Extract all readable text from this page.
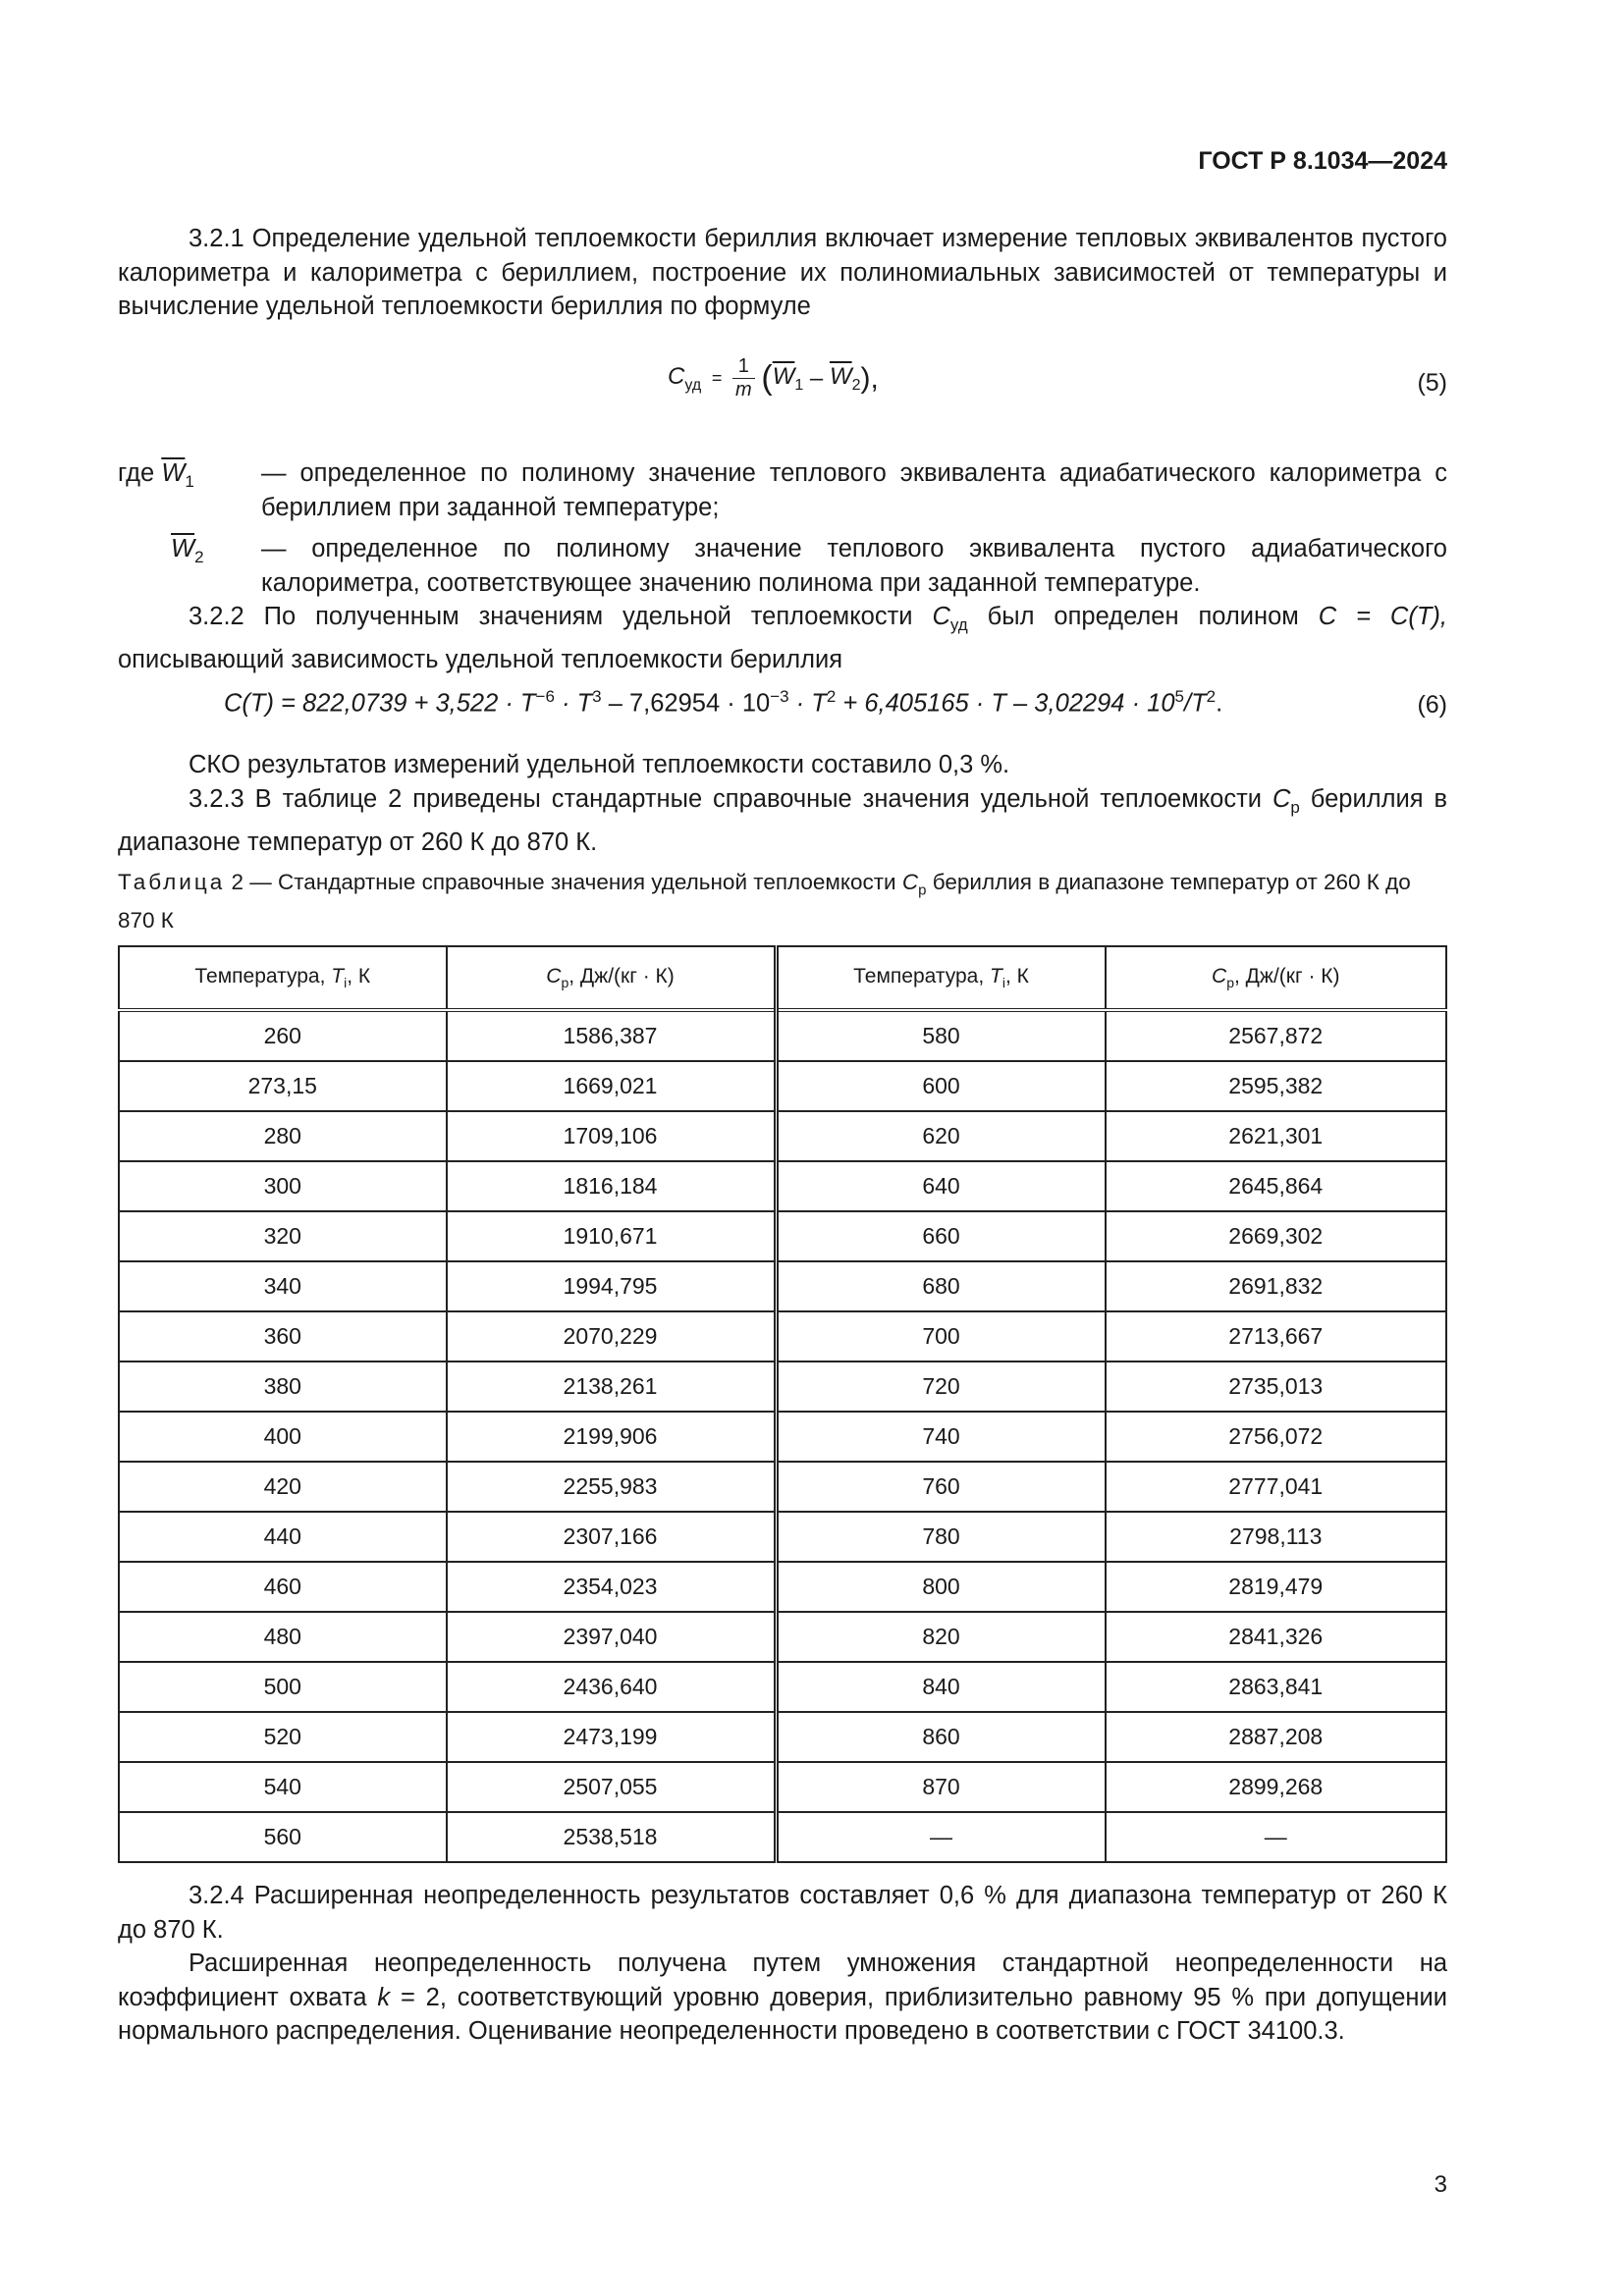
ГОСТ Р 8.1034—2024
3.2.1 Определение удельной теплоемкости бериллия включает измерение тепловых эквивалентов пустого калориметра и калориметра с бериллием, построение их полиномиальных зависимостей от температуры и вычисление удельной теплоемкости бериллия по формуле
$C_{уд} = \frac{1}{m} (\overline{W}_1 - \overline{W}_2)$,	(5)
где $\overline{W}_1$	— определенное по полиному значение теплового эквивалента адиабатического калориметра с бериллием при заданной температуре;
$\overline{W}_2$ — определенное по полиному значение теплового эквивалента пустого адиабатического калориметра, соответствующее значению полинома при заданной температуре.
3.2.2 По полученным значениям удельной теплоемкости $C_{уд}$ был определен полином C = C(T), описывающий зависимость удельной теплоемкости бериллия
$C(T) = 822,0739 + 3,522 \cdot T^{-6} \cdot T^3 - 7,62954 \cdot 10^{-3} \cdot T^2 + 6,405165 \cdot T - 3,02294 \cdot 10^5/T^2$.	(6)
СКО результатов измерений удельной теплоемкости составило 0,3 %.
3.2.3 В таблице 2 приведены стандартные справочные значения удельной теплоемкости $C_p$ бериллия в диапазоне температур от 260 К до 870 К.
Таблица 2 — Стандартные справочные значения удельной теплоемкости $C_p$ бериллия в диапазоне температур от 260 К до 870 К
Температура, $T_i$, К	$C_p$, Дж/(кг · К)	Температура, $T_i$, К	$C_p$, Дж/(кг · К)
260	1586,387	580	2567,872
273,15	1669,021	600	2595,382
280	1709,106	620	2621,301
300	1816,184	640	2645,864
320	1910,671	660	2669,302
340	1994,795	680	2691,832
360	2070,229	700	2713,667
380	2138,261	720	2735,013
400	2199,906	740	2756,072
420	2255,983	760	2777,041
440	2307,166	780	2798,113
460	2354,023	800	2819,479
480	2397,040	820	2841,326
500	2436,640	840	2863,841
520	2473,199	860	2887,208
540	2507,055	870	2899,268
560	2538,518	—	—
3.2.4 Расширенная неопределенность результатов составляет 0,6 % для диапазона температур от 260 К до 870 К.
Расширенная неопределенность получена путем умножения стандартной неопределенности на коэффициент охвата k = 2, соответствующий уровню доверия, приблизительно равному 95 % при допущении нормального распределения. Оценивание неопределенности проведено в соответствии с ГОСТ 34100.3.
3
